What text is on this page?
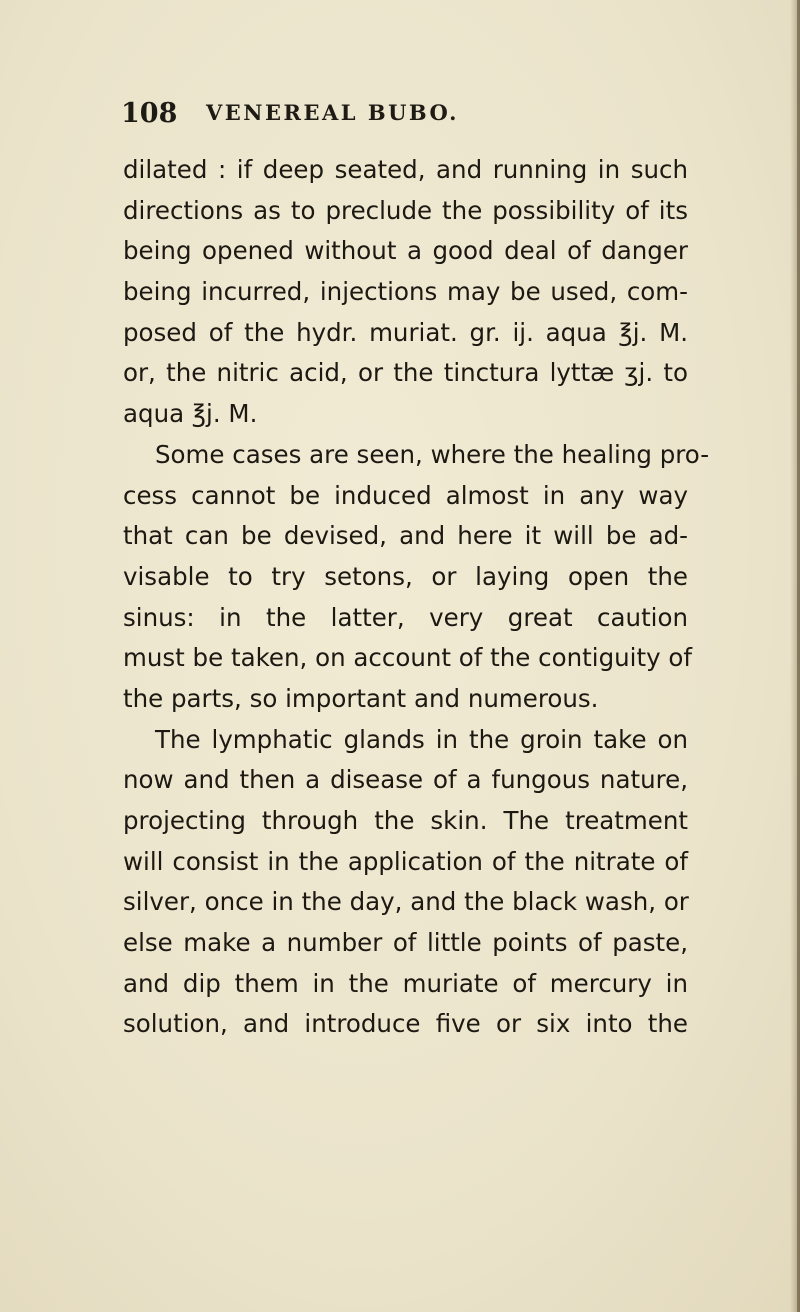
108 VENEREAL BUBO.
dilated : if deep seated, and running in such
directions as to preclude the possibility of its
being opened without a good deal of danger
being incurred, injections may be used, com-
posed of the hydr. muriat. gr. ij. aqua ℥j. M.
or, the nitric acid, or the tinctura lyttæ ʒj. to
aqua ℥j. M.
Some cases are seen, where the healing pro-
cess cannot be induced almost in any way
that can be devised, and here it will be ad-
visable to try setons, or laying open the
sinus: in the latter, very great caution
must be taken, on account of the contiguity of
the parts, so important and numerous.
The lymphatic glands in the groin take on
now and then a disease of a fungous nature,
projecting through the skin. The treatment
will consist in the application of the nitrate of
silver, once in the day, and the black wash, or
else make a number of little points of paste,
and dip them in the muriate of mercury in
solution, and introduce five or six into the
